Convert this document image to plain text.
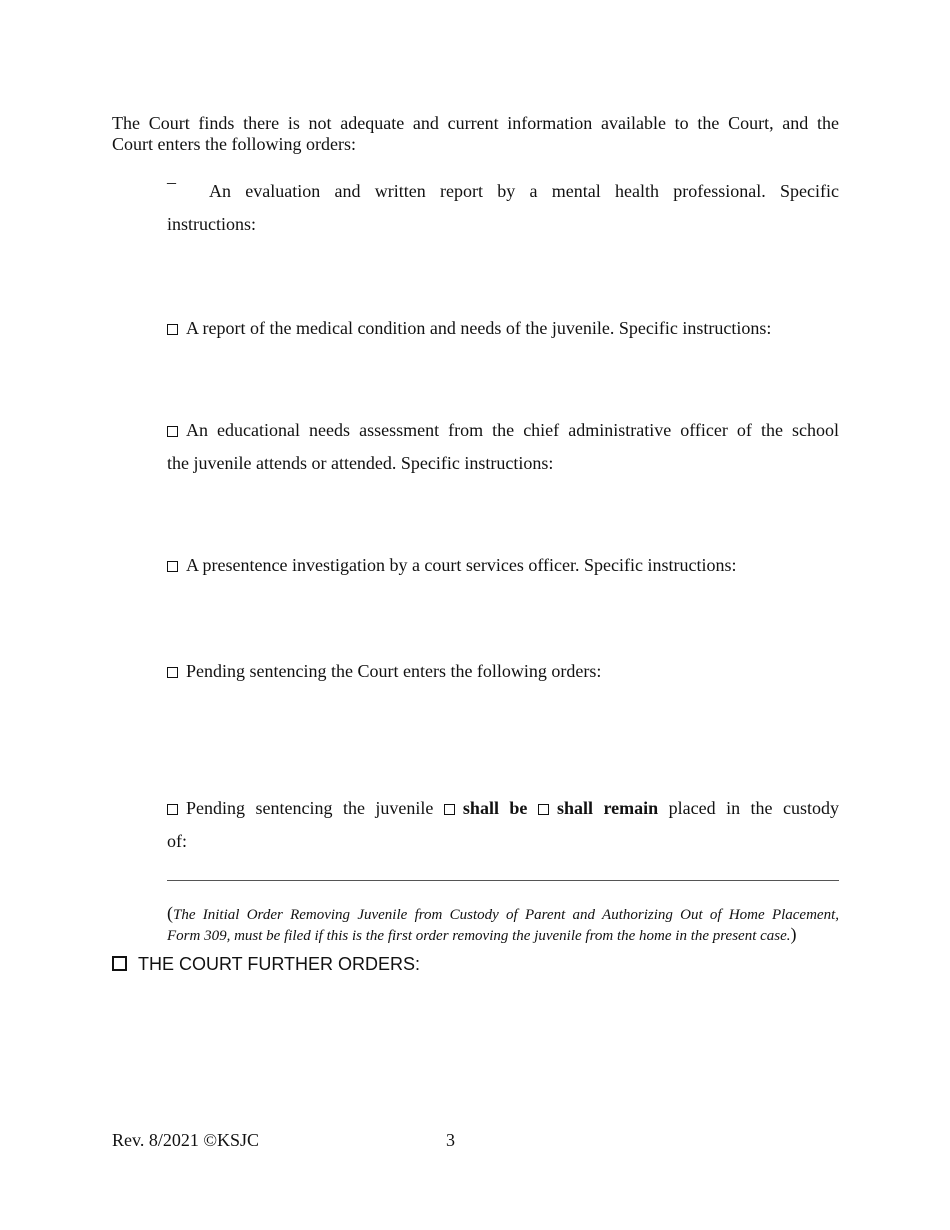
The Court finds there is not adequate and current information available to the Court, and the
Court enters the following orders:
–	An evaluation and written report by a mental health professional. Specific
instructions:
A report of the medical condition and needs of the juvenile. Specific instructions:
An educational needs assessment from the chief administrative officer of the school
the juvenile attends or attended. Specific instructions:
A presentence investigation by a court services officer. Specific instructions:
Pending sentencing the Court enters the following orders:
Pending sentencing the juvenile shall be shall remain placed in the custody
of:
(The Initial Order Removing Juvenile from Custody of Parent and Authorizing Out of Home Placement,
Form 309, must be filed if this is the first order removing the juvenile from the home in the present case.)
THE COURT FURTHER ORDERS:
Rev. 8/2021 ©KSJC	3
